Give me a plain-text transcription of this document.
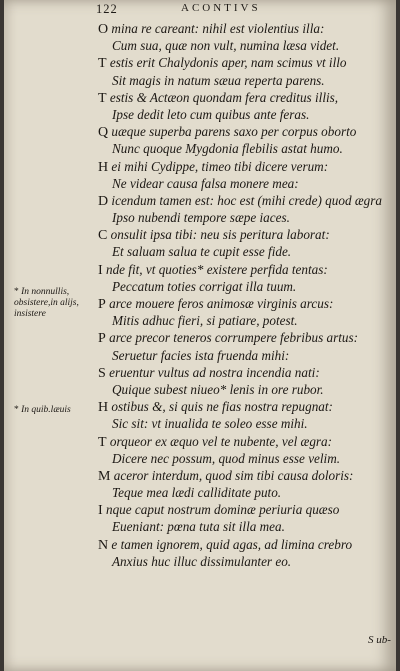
122	ACONTIVS
O mina re careant: nihil est violentius illa:
Cum sua, quæ non vult, numina læsa videt.
T estis erit Chalydonis aper, nam scimus vt illo
Sit magis in natum sæua reperta parens.
T estis & Actæon quondam fera creditus illis,
Ipse dedit leto cum quibus ante feras.
Q uæque superba parens saxo per corpus oborto
Nunc quoque Mygdonia flebilis astat humo.
H ei mihi Cydippe, timeo tibi dicere verum:
Ne videar causa falsa monere mea:
D icendum tamen est: hoc est (mihi crede) quod ægra
Ipso nubendi tempore sæpe iaces.
C onsulit ipsa tibi: neu sis peritura laborat:
Et saluam salua te cupit esse fide.
I nde fit, vt quoties* existere perfida tentas:
Peccatum toties corrigat illa tuum.
P arce mouere feros animosæ virginis arcus:
Mitis adhuc fieri, si patiare, potest.
P arce precor teneros corrumpere febribus artus:
Seruetur facies ista fruenda mihi:
S eruentur vultus ad nostra incendia nati:
Quique subest niueo* lenis in ore rubor.
H ostibus &, si quis ne fias nostra repugnat:
Sic sit: vt inualida te soleo esse mihi.
T orqueor ex æquo vel te nubente, vel ægra:
Dicere nec possum, quod minus esse velim.
M aceror interdum, quod sim tibi causa doloris:
Teque mea lædi calliditate puto.
I nque caput nostrum dominæ periuria quæso
Eueniant: pœna tuta sit illa mea.
N e tamen ignorem, quid agas, ad limina crebro
Anxius huc illuc dissimulanter eo.
* In nonnullis, obsistere,in alijs, insistere
* In quib.læuis
S ub-
